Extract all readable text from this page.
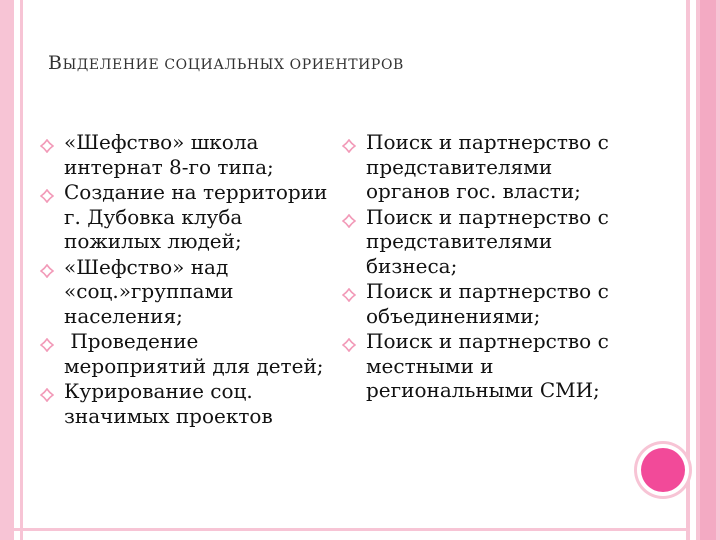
ВЫДЕЛЕНИЕ СОЦИАЛЬНЫХ ОРИЕНТИРОВ
«Шефство» школа интернат 8-го типа;
Создание на территории г. Дубовка клуба пожилых людей;
«Шефство» над «соц.»группами населения;
Проведение мероприятий для детей;
Курирование соц. значимых проектов
Поиск и партнерство с представителями органов гос. власти;
Поиск и партнерство с представителями бизнеса;
Поиск и партнерство с объединениями;
Поиск и партнерство с местными и региональными СМИ;
